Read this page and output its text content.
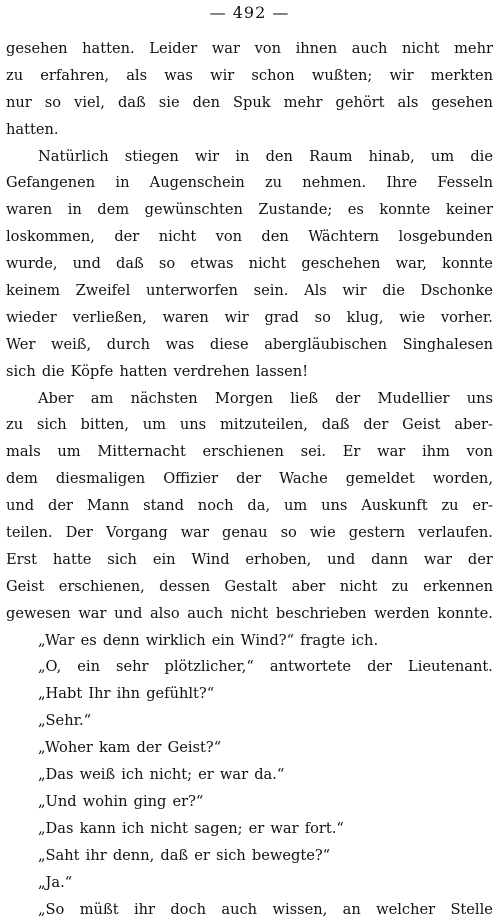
— 492 —
gesehen hatten. Leider war von ihnen auch nicht mehr
zu erfahren, als was wir schon wußten; wir merkten
nur so viel, daß sie den Spuk mehr gehört als gesehen
hatten.
Natürlich stiegen wir in den Raum hinab, um die
Gefangenen in Augenschein zu nehmen. Ihre Fesseln
waren in dem gewünschten Zustande; es konnte keiner
loskommen, der nicht von den Wächtern losgebunden
wurde, und daß so etwas nicht geschehen war, konnte
keinem Zweifel unterworfen sein. Als wir die Dschonke
wieder verließen, waren wir grad so klug, wie vorher.
Wer weiß, durch was diese abergläubischen Singhalesen
sich die Köpfe hatten verdrehen lassen!
Aber am nächsten Morgen ließ der Mudellier uns
zu sich bitten, um uns mitzuteilen, daß der Geist aber-
mals um Mitternacht erschienen sei. Er war ihm von
dem diesmaligen Offizier der Wache gemeldet worden,
und der Mann stand noch da, um uns Auskunft zu er-
teilen. Der Vorgang war genau so wie gestern verlaufen.
Erst hatte sich ein Wind erhoben, und dann war der
Geist erschienen, dessen Gestalt aber nicht zu erkennen
gewesen war und also auch nicht beschrieben werden konnte.
„War es denn wirklich ein Wind?“ fragte ich.
„O, ein sehr plötzlicher,“ antwortete der Lieutenant.
„Habt Ihr ihn gefühlt?“
„Sehr.“
„Woher kam der Geist?“
„Das weiß ich nicht; er war da.“
„Und wohin ging er?“
„Das kann ich nicht sagen; er war fort.“
„Saht ihr denn, daß er sich bewegte?“
„Ja.“
„So müßt ihr doch auch wissen, an welcher Stelle
